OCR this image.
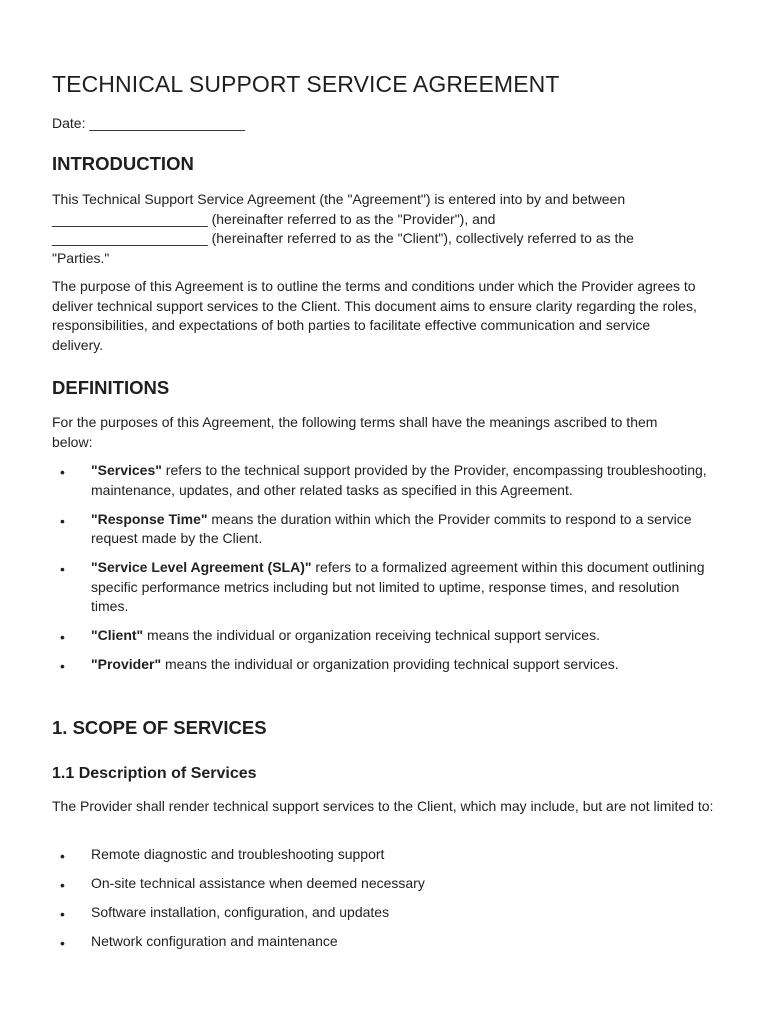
TECHNICAL SUPPORT SERVICE AGREEMENT
Date: ____________________
INTRODUCTION

This Technical Support Service Agreement (the "Agreement") is entered into by and between
____________________ (hereinafter referred to as the "Provider"), and
____________________ (hereinafter referred to as the "Client"), collectively referred to as the
"Parties."

The purpose of this Agreement is to outline the terms and conditions under which the Provider agrees to deliver technical support services to the Client. This document aims to ensure clarity regarding the roles, responsibilities, and expectations of both parties to facilitate effective communication and service delivery.

DEFINITIONS

For the purposes of this Agreement, the following terms shall have the meanings ascribed to them below:

• "Services" refers to the technical support provided by the Provider, encompassing troubleshooting, maintenance, updates, and other related tasks as specified in this Agreement.
• "Response Time" means the duration within which the Provider commits to respond to a service request made by the Client.
• "Service Level Agreement (SLA)" refers to a formalized agreement within this document outlining specific performance metrics including but not limited to uptime, response times, and resolution times.
• "Client" means the individual or organization receiving technical support services.
• "Provider" means the individual or organization providing technical support services.
1. SCOPE OF SERVICES
1.1 Description of Services

The Provider shall render technical support services to the Client, which may include, but are not limited to:

• Remote diagnostic and troubleshooting support
• On-site technical assistance when deemed necessary
• Software installation, configuration, and updates
• Network configuration and maintenance
